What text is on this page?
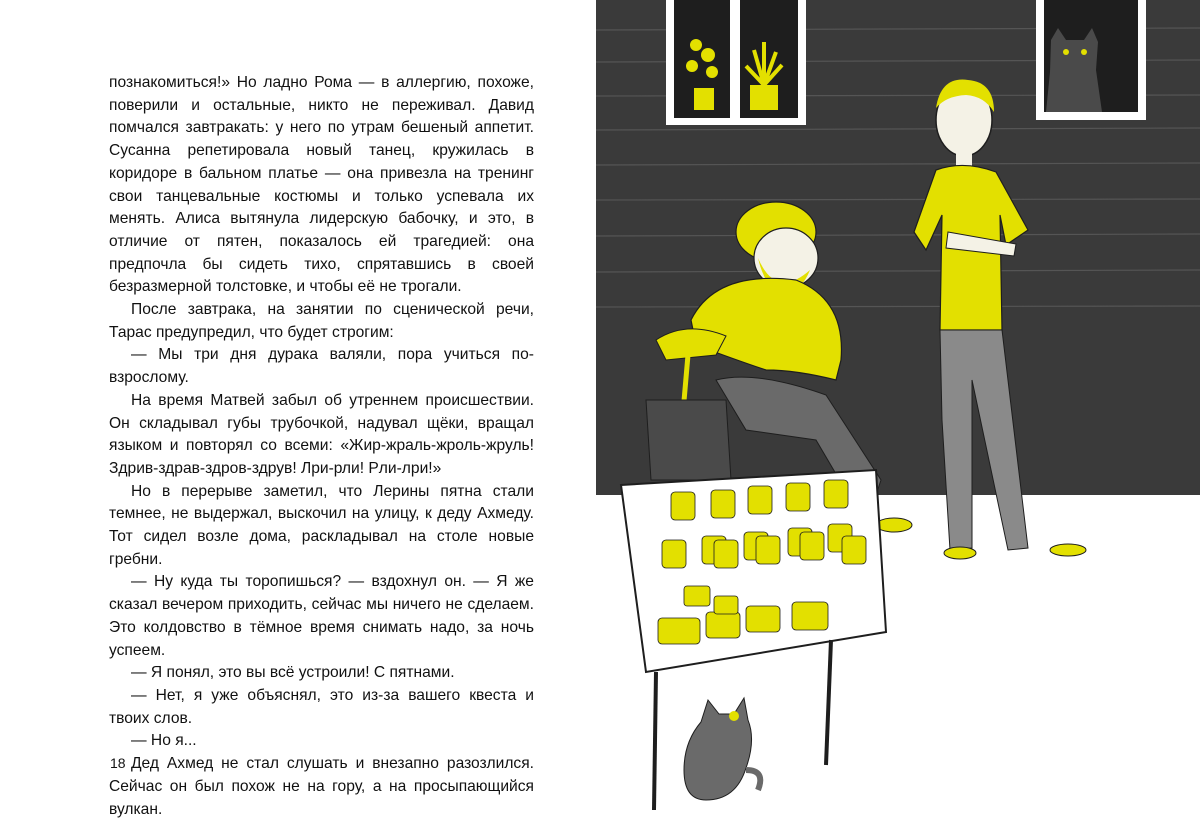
познакомиться!» Но ладно Рома — в аллергию, похоже, поверили и остальные, никто не переживал. Давид помчался завтракать: у него по утрам бешеный аппетит. Сусанна репетировала новый танец, кружилась в коридоре в бальном платье — она привезла на тренинг свои танцевальные костюмы и только успевала их менять. Алиса вытянула лидерскую бабочку, и это, в отличие от пятен, показалось ей трагедией: она предпочла бы сидеть тихо, спрятавшись в своей безразмерной толстовке, и чтобы её не трогали.

После завтрака, на занятии по сценической речи, Тарас предупредил, что будет строгим:

— Мы три дня дурака валяли, пора учиться по-взрослому.

На время Матвей забыл об утреннем происшествии. Он складывал губы трубочкой, надувал щёки, вращал языком и повторял со всеми: «Жир-жраль-жроль-жруль! Здрив-здрав-здров-здрув! Лри-рли! Рли-лри!»

Но в перерыве заметил, что Лерины пятна стали темнее, не выдержал, выскочил на улицу, к деду Ахмеду. Тот сидел возле дома, раскладывал на столе новые гребни.

— Ну куда ты торопишься? — вздохнул он. — Я же сказал вечером приходить, сейчас мы ничего не сделаем. Это колдовство в тёмное время снимать надо, за ночь успеем.

— Я понял, это вы всё устроили! С пятнами.

— Нет, я уже объяснял, это из-за вашего квеста и твоих слов.

— Но я...

Дед Ахмед не стал слушать и внезапно разозлился. Сейчас он был похож не на гору, а на просыпающийся вулкан.

18
